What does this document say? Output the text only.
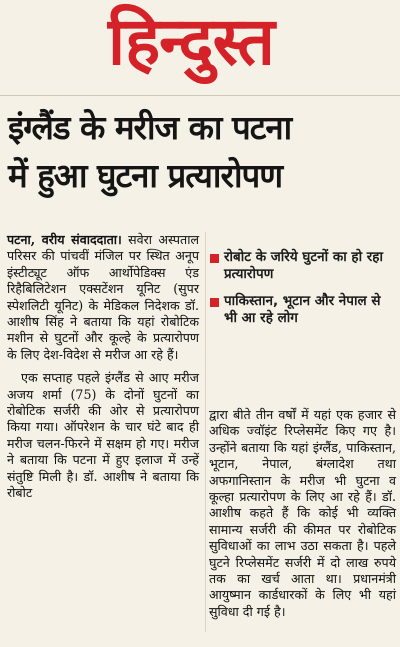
हिन्दुस्त
इंग्लैंड के मरीज का पटना
में हुआ घुटना प्रत्यारोपण

पटना, वरीय संवाददाता। सवेरा अस्पताल परिसर की पांचवीं मंजिल पर स्थित अनूप इंस्टीट्यूट ऑफ आर्थोपेडिक्स एंड रिहैबिलिटेशन एक्सटेंशन यूनिट (सुपर स्पेशलिटी यूनिट) के मेडिकल निदेशक डॉ. आशीष सिंह ने बताया कि यहां रोबोटिक मशीन से घुटनों और कूल्हे के प्रत्यारोपण के लिए देश-विदेश से मरीज आ रहे हैं।

एक सप्ताह पहले इंग्लैंड से आए मरीज अजय शर्मा (75) के दोनों घुटनों का रोबोटिक सर्जरी की ओर से प्रत्यारोपण किया गया। ऑपरेशन के चार घंटे बाद ही मरीज चलन-फिरने में सक्षम हो गए। मरीज ने बताया कि पटना में हुए इलाज में उन्हें संतुष्टि मिली है। डॉ. आशीष ने बताया कि रोबोट

रोबोट के जरिये घुटनों का हो रहा प्रत्यारोपण
पाकिस्तान, भूटान और नेपाल से भी आ रहे लोग

द्वारा बीते तीन वर्षों में यहां एक हजार से अधिक ज्वॉइंट रिप्लेसमेंट किए गए है। उन्होंने बताया कि यहां इंग्लैंड, पाकिस्तान, भूटान, नेपाल, बंग्लादेश तथा अफगानिस्तान के मरीज भी घुटना व कूल्हा प्रत्यारोपण के लिए आ रहे हैं। डॉ. आशीष कहते हैं कि कोई भी व्यक्ति सामान्य सर्जरी की कीमत पर रोबोटिक सुविधाओं का लाभ उठा सकता है। पहले घुटने रिप्लेसमेंट सर्जरी में दो लाख रुपये तक का खर्च आता था। प्रधानमंत्री आयुष्मान कार्डधारकों के लिए भी यहां सुविधा दी गई है।
